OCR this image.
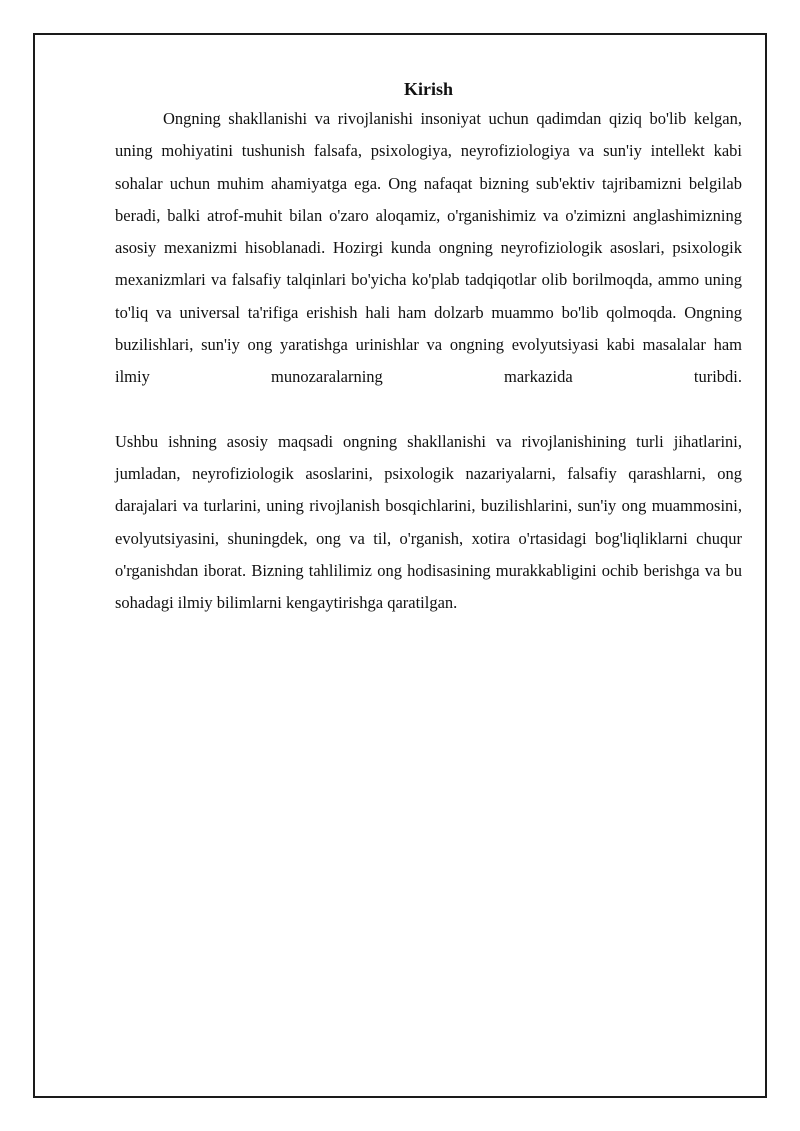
Kirish

Ongning shakllanishi va rivojlanishi insoniyat uchun qadimdan qiziq bo'lib kelgan, uning mohiyatini tushunish falsafa, psixologiya, neyrofiziologiya va sun'iy intellekt kabi sohalar uchun muhim ahamiyatga ega. Ong nafaqat bizning sub'ektiv tajribamizni belgilab beradi, balki atrof-muhit bilan o'zaro aloqamiz, o'rganishimiz va o'zimizni anglashimizning asosiy mexanizmi hisoblanadi. Hozirgi kunda ongning neyrofiziologik asoslari, psixologik mexanizmlari va falsafiy talqinlari bo'yicha ko'plab tadqiqotlar olib borilmoqda, ammo uning to'liq va universal ta'rifiga erishish hali ham dolzarb muammo bo'lib qolmoqda. Ongning buzilishlari, sun'iy ong yaratishga urinishlar va ongning evolyutsiyasi kabi masalalar ham ilmiy munozaralarning markazida turibdi.

Ushbu ishning asosiy maqsadi ongning shakllanishi va rivojlanishining turli jihatlarini, jumladan, neyrofiziologik asoslarini, psixologik nazariyalarni, falsafiy qarashlarni, ong darajalari va turlarini, uning rivojlanish bosqichlarini, buzilishlarini, sun'iy ong muammosini, evolyutsiyasini, shuningdek, ong va til, o'rganish, xotira o'rtasidagi bog'liqliklarni chuqur o'rganishdan iborat. Bizning tahlilimiz ong hodisasining murakkabligini ochib berishga va bu sohadagi ilmiy bilimlarni kengaytirishga qaratilgan.
